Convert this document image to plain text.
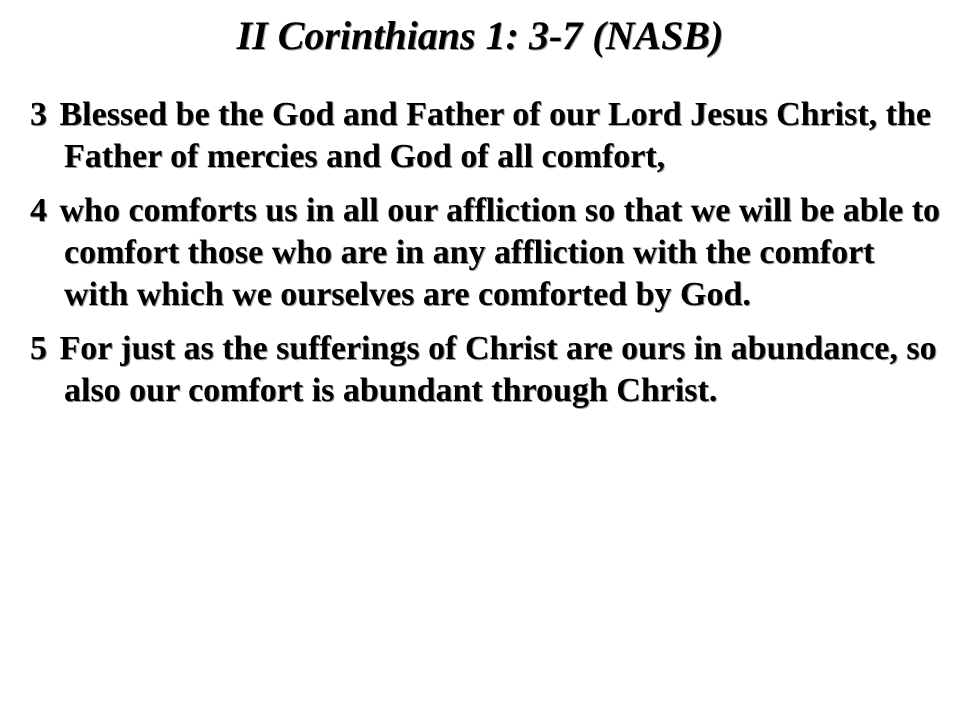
II Corinthians 1: 3-7 (NASB)

3 Blessed be the God and Father of our Lord Jesus Christ, the Father of mercies and God of all comfort,

4 who comforts us in all our affliction so that we will be able to comfort those who are in any affliction with the comfort with which we ourselves are comforted by God.

5 For just as the sufferings of Christ are ours in abundance, so also our comfort is abundant through Christ.
